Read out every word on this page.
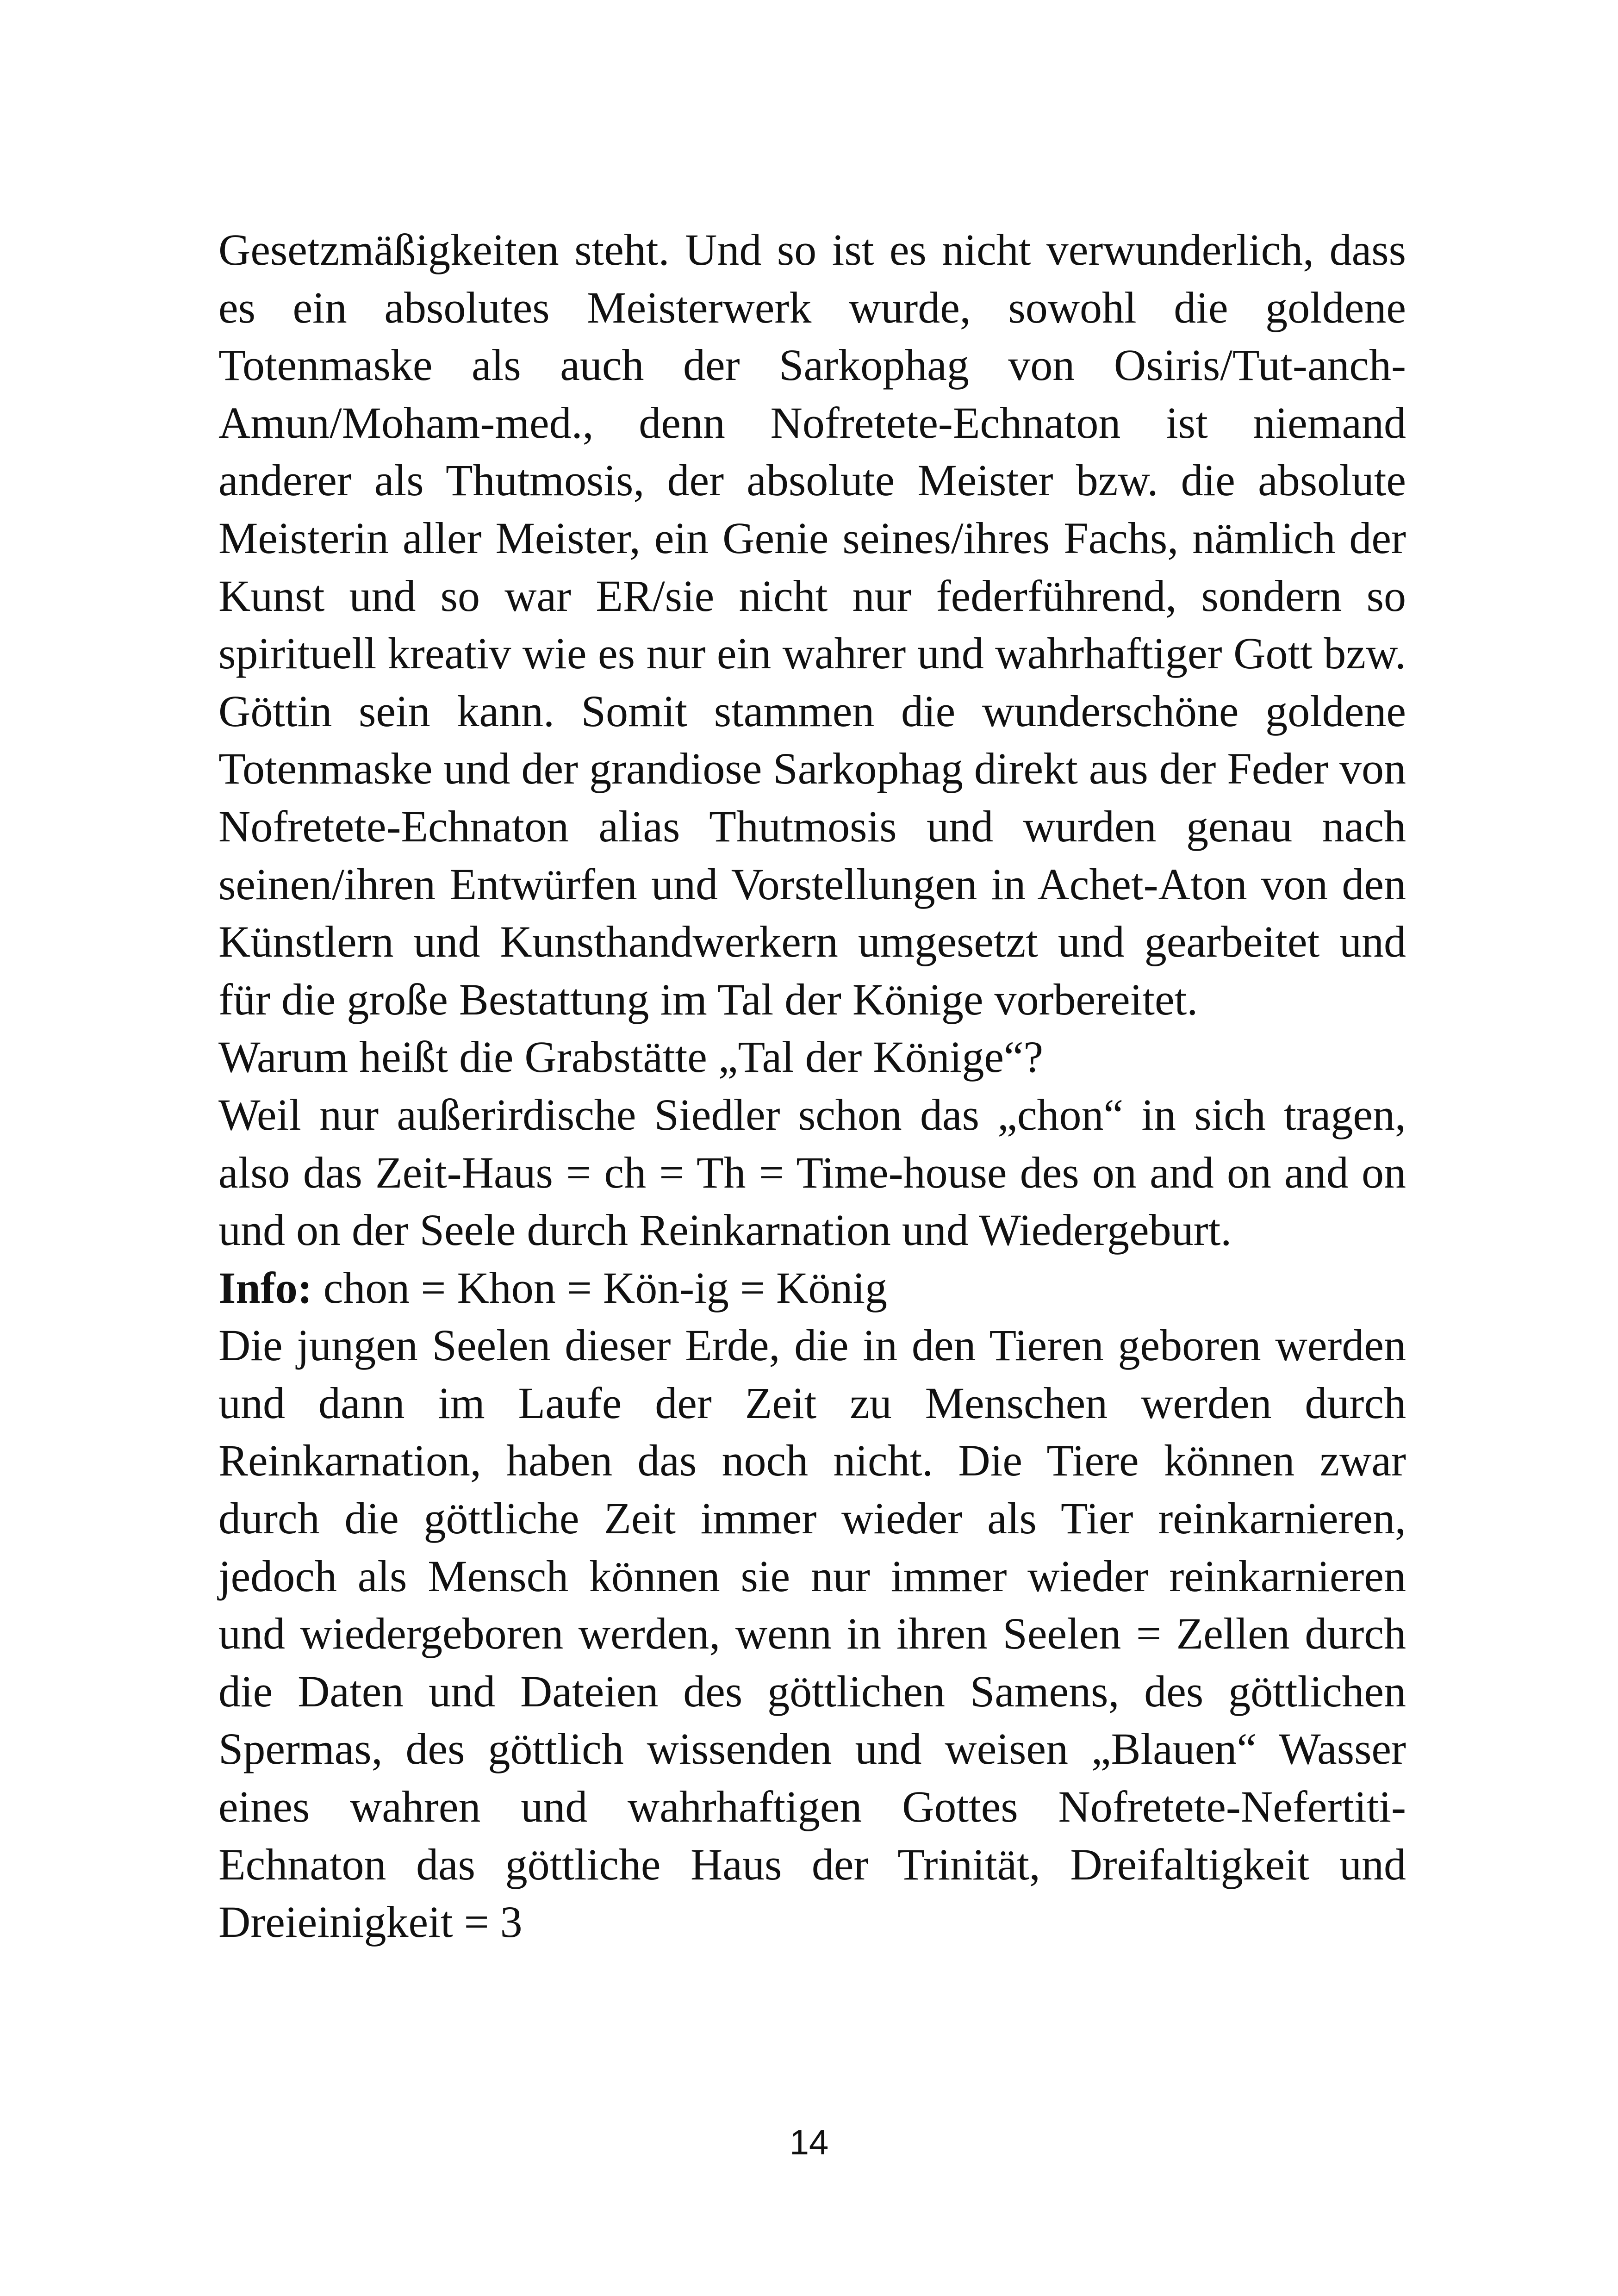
Gesetzmäßigkeiten steht. Und so ist es nicht verwunderlich, dass es ein absolutes Meisterwerk wurde, sowohl die goldene Totenmaske als auch der Sarkophag von Osiris/Tut-anch-Amun/Moham-med., denn Nofretete-Echnaton ist niemand anderer als Thutmosis, der absolute Meister bzw. die absolute Meisterin aller Meister, ein Genie seines/ihres Fachs, nämlich der Kunst und so war ER/sie nicht nur federführend, sondern so spirituell kreativ wie es nur ein wahrer und wahrhaftiger Gott bzw. Göttin sein kann. Somit stammen die wunderschöne goldene Totenmaske und der grandiose Sarkophag direkt aus der Feder von Nofretete-Echnaton alias Thutmosis und wurden genau nach seinen/ihren Entwürfen und Vorstellungen in Achet-Aton von den Künstlern und Kunsthandwerkern umgesetzt und gearbeitet und für die große Bestattung im Tal der Könige vorbereitet.

Warum heißt die Grabstätte „Tal der Könige“?

Weil nur außerirdische Siedler schon das „chon“ in sich tragen, also das Zeit-Haus = ch = Th = Time-house des on and on and on und on der Seele durch Reinkarnation und Wiedergeburt.

Info: chon = Khon = Kön-ig = König

Die jungen Seelen dieser Erde, die in den Tieren geboren werden und dann im Laufe der Zeit zu Menschen werden durch Reinkarnation, haben das noch nicht. Die Tiere können zwar durch die göttliche Zeit immer wieder als Tier reinkarnieren, jedoch als Mensch können sie nur immer wieder reinkarnieren und wiedergeboren werden, wenn in ihren Seelen = Zellen durch die Daten und Dateien des göttlichen Samens, des göttlichen Spermas, des göttlich wissenden und weisen „Blauen“ Wasser eines wahren und wahrhaftigen Gottes Nofretete-Nefertiti-Echnaton das göttliche Haus der Trinität, Dreifaltigkeit und Dreieinigkeit = 3

14
